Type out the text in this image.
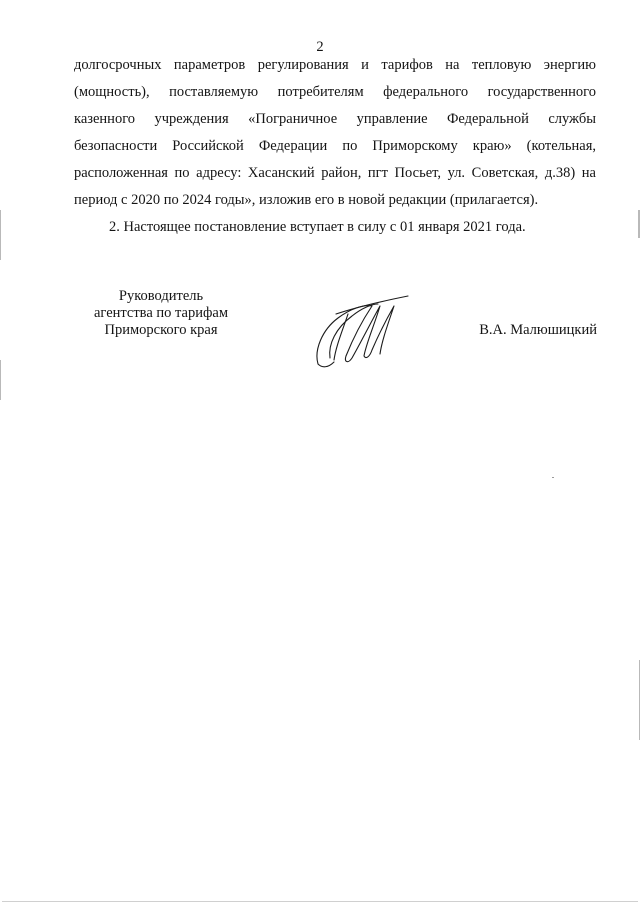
2
долгосрочных параметров регулирования и тарифов на тепловую энергию
(мощность), поставляемую потребителям федерального государственного
казенного учреждения «Пограничное управление Федеральной службы
безопасности Российской Федерации по Приморскому краю» (котельная,
расположенная по адресу: Хасанский район, пгт Посьет, ул. Советская, д.38) на
период с 2020 по 2024 годы», изложив его в новой редакции (прилагается).
2. Настоящее постановление вступает в силу с 01 января 2021 года.
Руководитель
агентства по тарифам
Приморского края	В.А. Малюшицкий
